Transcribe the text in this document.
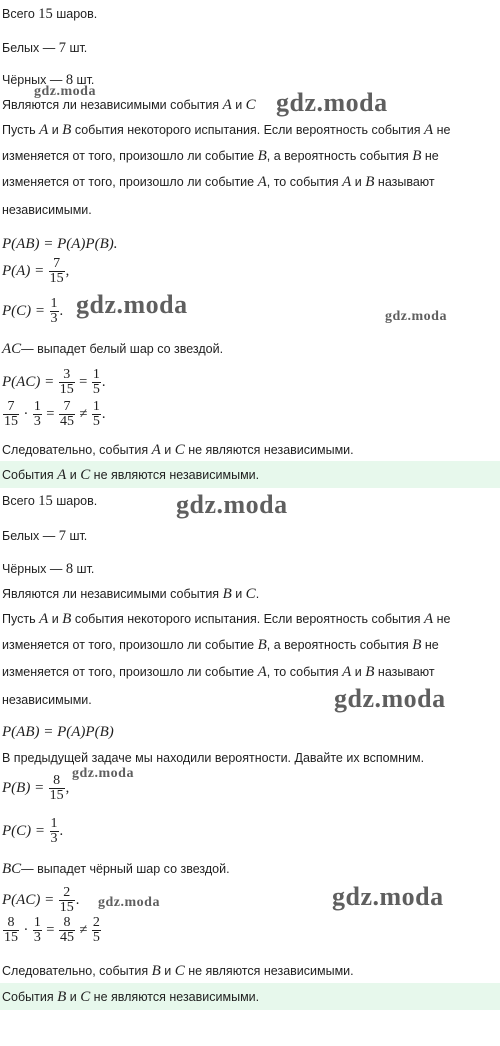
Всего 15 шаров.
Белых — 7 шт.
Чёрных — 8 шт.
Являются ли независимыми события A и C
Пусть A и B события некоторого испытания. Если вероятность события A не
изменяется от того, произошло ли событие B, а вероятность события B не
изменяется от того, произошло ли событие A, то события A и B называют
независимыми.
P(AB) = P(A)P(B).
$P(A) = \frac{7}{15}$ ,
$P(C) = \frac{1}{3}$ .
AC— выпадет белый шар со звездой.
$P(AC) = \frac{3}{15} = \frac{1}{5}$ .
$\frac{7}{15} \cdot \frac{1}{3} = \frac{7}{45} \ne \frac{1}{5}$ .
Следовательно, события A и C не являются независимыми.
События A и C не являются независимыми.
Всего 15 шаров.
Белых — 7 шт.
Чёрных — 8 шт.
Являются ли независимыми события B и C.
Пусть A и B события некоторого испытания. Если вероятность события A не
изменяется от того, произошло ли событие B, а вероятность события B не
изменяется от того, произошло ли событие A, то события A и B называют
независимыми.
P(AB) = P(A)P(B)
В предыдущей задаче мы находили вероятности. Давайте их вспомним.
$P(B) = \frac{8}{15}$ ,
$P(C) = \frac{1}{3}$ .
BC— выпадет чёрный шар со звездой.
$P(AC) = \frac{2}{15}$ .
$\frac{8}{15} \cdot \frac{1}{3} = \frac{8}{45} \ne \frac{2}{5}$
Следовательно, события B и C не являются независимыми.
События B и C не являются независимыми.
gdz.moda	gdz.moda
gdz.moda	gdz.moda
gdz.moda
gdz.moda
gdz.moda
gdz.moda
gdz.moda
